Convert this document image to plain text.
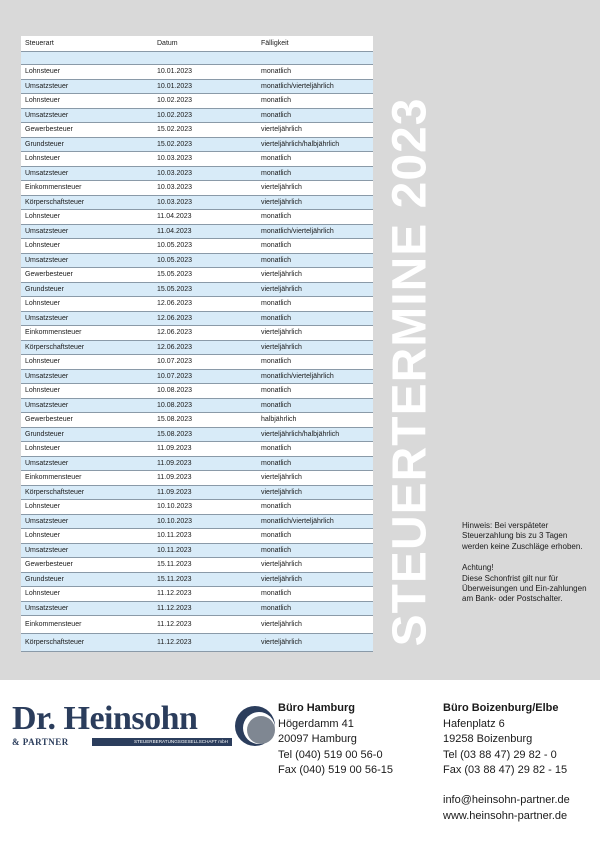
Steuerart	Datum	Fälligkeit
Lohnsteuer	10.01.2023	monatlich
Umsatzsteuer	10.01.2023	monatlich/vierteljährlich
Lohnsteuer	10.02.2023	monatlich
Umsatzsteuer	10.02.2023	monatlich
Gewerbesteuer	15.02.2023	vierteljährlich
Grundsteuer	15.02.2023	vierteljährlich/halbjährlich
Lohnsteuer	10.03.2023	monatlich
Umsatzsteuer	10.03.2023	monatlich
Einkommensteuer	10.03.2023	vierteljährlich
Körperschaftsteuer	10.03.2023	vierteljährlich
Lohnsteuer	11.04.2023	monatlich
Umsatzsteuer	11.04.2023	monatlich/vierteljährlich
Lohnsteuer	10.05.2023	monatlich
Umsatzsteuer	10.05.2023	monatlich
Gewerbesteuer	15.05.2023	vierteljährlich
Grundsteuer	15.05.2023	vierteljährlich
Lohnsteuer	12.06.2023	monatlich
Umsatzsteuer	12.06.2023	monatlich
Einkommensteuer	12.06.2023	vierteljährlich
Körperschaftsteuer	12.06.2023	vierteljährlich
Lohnsteuer	10.07.2023	monatlich
Umsatzsteuer	10.07.2023	monatlich/vierteljährlich
Lohnsteuer	10.08.2023	monatlich
Umsatzsteuer	10.08.2023	monatlich
Gewerbesteuer	15.08.2023	halbjährlich
Grundsteuer	15.08.2023	vierteljährlich/halbjährlich
Lohnsteuer	11.09.2023	monatlich
Umsatzsteuer	11.09.2023	monatlich
Einkommensteuer	11.09.2023	vierteljährlich
Körperschaftsteuer	11.09.2023	vierteljährlich
Lohnsteuer	10.10.2023	monatlich
Umsatzsteuer	10.10.2023	monatlich/vierteljährlich
Lohnsteuer	10.11.2023	monatlich
Umsatzsteuer	10.11.2023	monatlich
Gewerbesteuer	15.11.2023	vierteljährlich
Grundsteuer	15.11.2023	vierteljährlich
Lohnsteuer	11.12.2023	monatlich
Umsatzsteuer	11.12.2023	monatlich
Einkommensteuer	11.12.2023	vierteljährlich
Körperschaftsteuer	11.12.2023	vierteljährlich	STEUERTERMINE 2023	Hinweis: Bei verspäteter Steuerzahlung bis zu 3 Tagen werden keine Zuschläge erhoben.

Achtung!
Diese Schonfrist gilt nur für Überweisungen und Ein-zahlungen am Bank- oder Postschalter.
Dr. Heinsohn
& PARTNER	STEUERBERATUNGSGESELLSCHAFT mbH
Büro Hamburg
Högerdamm 41
20097 Hamburg
Tel (040) 519 00 56-0
Fax (040) 519 00 56-15
Büro Boizenburg/Elbe
Hafenplatz 6
19258 Boizenburg
Tel (03 88 47) 29 82 - 0
Fax (03 88 47) 29 82 - 15
info@heinsohn-partner.de
www.heinsohn-partner.de
